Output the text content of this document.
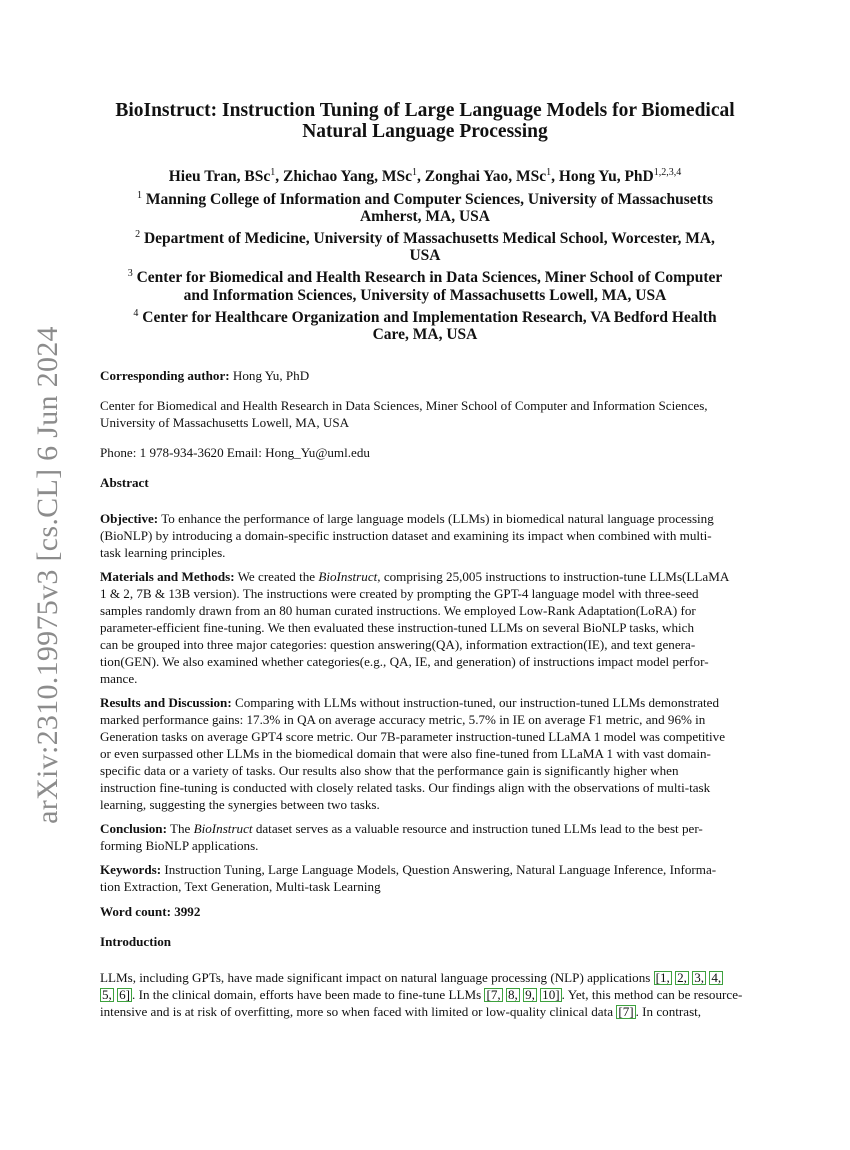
arXiv:2310.19975v3 [cs.CL] 6 Jun 2024
BioInstruct: Instruction Tuning of Large Language Models for Biomedical
Natural Language Processing
Hieu Tran, BSc$^1$, Zhichao Yang, MSc$^1$, Zonghai Yao, MSc$^1$, Hong Yu, PhD$^{1,2,3,4}$
$^1$ Manning College of Information and Computer Sciences, University of Massachusetts
Amherst, MA, USA
$^2$ Department of Medicine, University of Massachusetts Medical School, Worcester, MA,
USA
$^3$ Center for Biomedical and Health Research in Data Sciences, Miner School of Computer
and Information Sciences, University of Massachusetts Lowell, MA, USA
$^4$ Center for Healthcare Organization and Implementation Research, VA Bedford Health
Care, MA, USA
Corresponding author: Hong Yu, PhD
Center for Biomedical and Health Research in Data Sciences, Miner School of Computer and Information Sciences,
University of Massachusetts Lowell, MA, USA
Phone: 1 978-934-3620 Email: Hong_Yu@uml.edu
Abstract
Objective: To enhance the performance of large language models (LLMs) in biomedical natural language processing
(BioNLP) by introducing a domain-specific instruction dataset and examining its impact when combined with multi-
task learning principles.
Materials and Methods: We created the BioInstruct, comprising 25,005 instructions to instruction-tune LLMs(LLaMA
1 & 2, 7B & 13B version). The instructions were created by prompting the GPT-4 language model with three-seed
samples randomly drawn from an 80 human curated instructions. We employed Low-Rank Adaptation(LoRA) for
parameter-efficient fine-tuning. We then evaluated these instruction-tuned LLMs on several BioNLP tasks, which
can be grouped into three major categories: question answering(QA), information extraction(IE), and text genera-
tion(GEN). We also examined whether categories(e.g., QA, IE, and generation) of instructions impact model perfor-
mance.
Results and Discussion: Comparing with LLMs without instruction-tuned, our instruction-tuned LLMs demonstrated
marked performance gains: 17.3% in QA on average accuracy metric, 5.7% in IE on average F1 metric, and 96% in
Generation tasks on average GPT4 score metric. Our 7B-parameter instruction-tuned LLaMA 1 model was competitive
or even surpassed other LLMs in the biomedical domain that were also fine-tuned from LLaMA 1 with vast domain-
specific data or a variety of tasks. Our results also show that the performance gain is significantly higher when
instruction fine-tuning is conducted with closely related tasks. Our findings align with the observations of multi-task
learning, suggesting the synergies between two tasks.
Conclusion: The BioInstruct dataset serves as a valuable resource and instruction tuned LLMs lead to the best per-
forming BioNLP applications.
Keywords: Instruction Tuning, Large Language Models, Question Answering, Natural Language Inference, Informa-
tion Extraction, Text Generation, Multi-task Learning
Word count: 3992
Introduction
LLMs, including GPTs, have made significant impact on natural language processing (NLP) applications [1, 2, 3, 4,
5, 6] . In the clinical domain, efforts have been made to fine-tune LLMs [7, 8, 9, 10] . Yet, this method can be resource-
intensive and is at risk of overfitting, more so when faced with limited or low-quality clinical data [7] . In contrast,
